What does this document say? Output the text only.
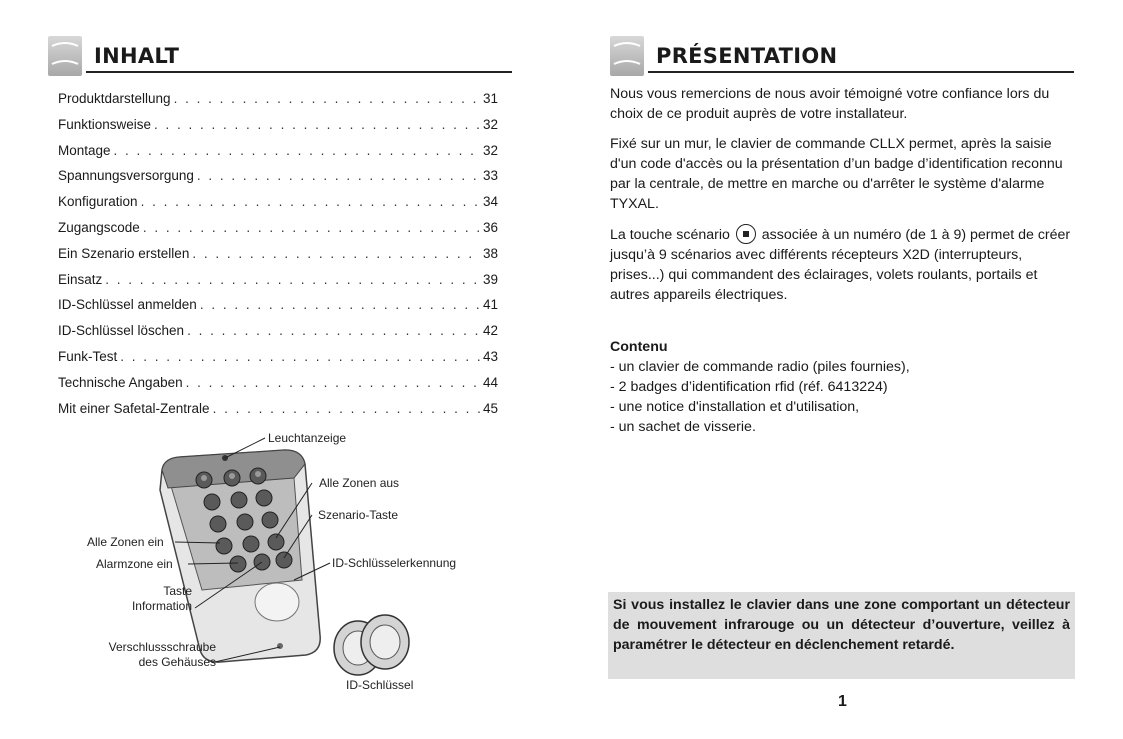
INHALT
Produktdarstellung . . .	31
Funktionsweise . . .	32
Montage . . .	32
Spannungsversorgung . . .	33
Konfiguration . . .	34
Zugangscode . . .	36
Ein Szenario erstellen . . .	38
Einsatz . . .	39
ID-Schlüssel anmelden . . .	41
ID-Schlüssel löschen . . .	42
Funk-Test . . .	43
Technische Angaben . . .	44
Mit einer Safetal-Zentrale . . .	45
Leuchtanzeige
Alle Zonen aus
Szenario-Taste
Alle Zonen ein
Alarmzone ein	ID-Schlüsselerkennung
Taste
Information
Verschlussschraube
des Gehäuses
ID-Schlüssel
PRÉSENTATION

Nous vous remercions de nous avoir témoigné votre confiance lors du choix de ce produit auprès de votre installateur.

Fixé sur un mur, le clavier de commande CLLX permet, après la saisie d'un code d'accès ou la présentation d’un badge d’identification reconnu par la centrale, de mettre en marche ou d'arrêter le système d'alarme TYXAL.

La touche scénario associée à un numéro (de 1 à 9) permet de créer jusqu’à 9 scénarios avec différents récepteurs X2D (interrupteurs, prises...) qui commandent des éclairages, volets roulants, portails et autres appareils électriques.

Contenu
- un clavier de commande radio (piles fournies),
- 2 badges d’identification rfid (réf. 6413224)
- une notice d'installation et d'utilisation,
- un sachet de visserie.
Si vous installez le clavier dans une zone comportant un détecteur de mouvement infrarouge ou un détecteur d’ouverture, veillez à paramétrer le détecteur en déclenchement retardé.
1
